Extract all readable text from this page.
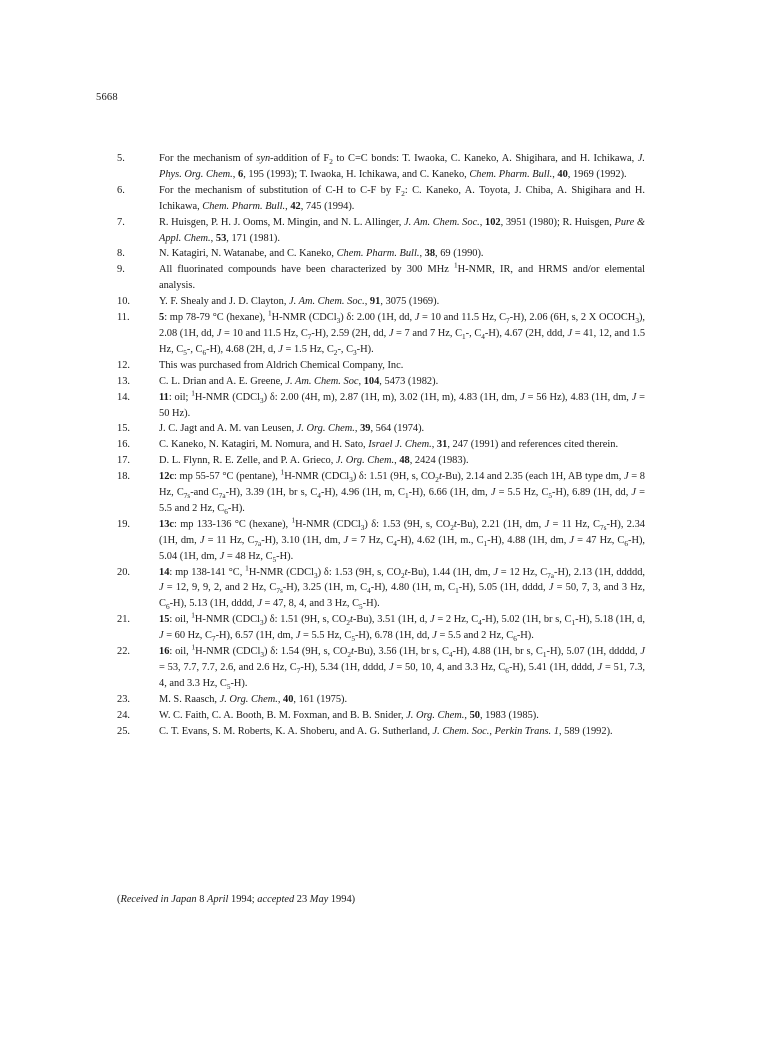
5668
5.	For the mechanism of syn-addition of $F_2$ to C=C bonds: T. Iwaoka, C. Kaneko, A. Shigihara, and H. Ichikawa, J. Phys. Org. Chem., 6, 195 (1993); T. Iwaoka, H. Ichikawa, and C. Kaneko, Chem. Pharm. Bull., 40, 1969 (1992).
6.	For the mechanism of substitution of C-H to C-F by $F_2$: C. Kaneko, A. Toyota, J. Chiba, A. Shigihara and H. Ichikawa, Chem. Pharm. Bull., 42, 745 (1994).
7.	R. Huisgen, P. H. J. Ooms, M. Mingin, and N. L. Allinger, J. Am. Chem. Soc., 102, 3951 (1980); R. Huisgen, Pure & Appl. Chem., 53, 171 (1981).
8.	N. Katagiri, N. Watanabe, and C. Kaneko, Chem. Pharm. Bull., 38, 69 (1990).
9.	All fluorinated compounds have been characterized by 300 MHz $^1$H-NMR, IR, and HRMS and/or elemental analysis.
10.	Y. F. Shealy and J. D. Clayton, J. Am. Chem. Soc., 91, 3075 (1969).
11.	5: mp 78-79 °C (hexane), $^1$H-NMR (CDCl$_3$) δ: 2.00 (1H, dd, J = 10 and 11.5 Hz, $C_7-H$), 2.06 (6H, s, 2 X $OCOCH_3$), 2.08 (1H, dd, J = 10 and 11.5 Hz, $C_7-H$), 2.59 (2H, dd, J = 7 and 7 Hz, $C_1-$, $C_4-H$), 4.67 (2H, ddd, J = 41, 12, and 1.5 Hz, $C_5-$, $C_6-H$), 4.68 (2H, d, J = 1.5 Hz, $C_2-$, $C_3-H$).
12.	This was purchased from Aldrich Chemical Company, Inc.
13.	C. L. Drian and A. E. Greene, J. Am. Chem. Soc, 104, 5473 (1982).
14.	11: oil; $^1$H-NMR (CDCl$_3$) δ: 2.00 (4H, m), 2.87 (1H, m), 3.02 (1H, m), 4.83 (1H, dm, J = 56 Hz), 4.83 (1H, dm, J = 50 Hz).
15.	J. C. Jagt and A. M. van Leusen, J. Org. Chem., 39, 564 (1974).
16.	C. Kaneko, N. Katagiri, M. Nomura, and H. Sato, Israel J. Chem., 31, 247 (1991) and references cited therein.
17.	D. L. Flynn, R. E. Zelle, and P. A. Grieco, J. Org. Chem., 48, 2424 (1983).
18.	12c: mp 55-57 °C (pentane), $^1$H-NMR (CDCl$_3$) δ: 1.51 (9H, s, $CO_2t-Bu$), 2.14 and 2.35 (each 1H, AB type dm, J = 8 Hz, $C_{7s}$-and $C_{7a}-H$), 3.39 (1H, br s, $C_4-H$), 4.96 (1H, m, $C_1-H$), 6.66 (1H, dm, J = 5.5 Hz, $C_5-H$), 6.89 (1H, dd, J = 5.5 and 2 Hz, $C_6-H$).
19.	13c: mp 133-136 °C (hexane), $^1$H-NMR (CDCl$_3$) δ: 1.53 (9H, s, $CO_2t-Bu$), 2.21 (1H, dm, J = 11 Hz, $C_{7s}-H$), 2.34 (1H, dm, J = 11 Hz, $C_{7a}-H$), 3.10 (1H, dm, J = 7 Hz, $C_4-H$), 4.62 (1H, m., $C_1-H$), 4.88 (1H, dm, J = 47 Hz, $C_6-H$), 5.04 (1H, dm, J = 48 Hz, $C_5-H$).
20.	14: mp 138-141 °C, $^1$H-NMR (CDCl$_3$) δ: 1.53 (9H, s, $CO_2t-Bu$), 1.44 (1H, dm, J = 12 Hz, $C_{7a}-H$), 2.13 (1H, ddddd, J = 12, 9, 9, 2, and 2 Hz, $C_{7s}-H$), 3.25 (1H, m, $C_4-H$), 4.80 (1H, m, $C_1-H$), 5.05 (1H, dddd, J = 50, 7, 3, and 3 Hz, $C_6-H$), 5.13 (1H, dddd, J = 47, 8, 4, and 3 Hz, $C_5-H$).
21.	15: oil, $^1$H-NMR (CDCl$_3$) δ: 1.51 (9H, s, $CO_2t-Bu$), 3.51 (1H, d, J = 2 Hz, $C_4-H$), 5.02 (1H, br s, $C_1-H$), 5.18 (1H, d, J = 60 Hz, $C_7-H$), 6.57 (1H, dm, J = 5.5 Hz, $C_5-H$), 6.78 (1H, dd, J = 5.5 and 2 Hz, $C_6-H$).
22.	16: oil, $^1$H-NMR (CDCl$_3$) δ: 1.54 (9H, s, $CO_2t-Bu$), 3.56 (1H, br s, $C_4-H$), 4.88 (1H, br s, $C_1-H$), 5.07 (1H, ddddd, J = 53, 7.7, 7.7, 2.6, and 2.6 Hz, $C_7-H$), 5.34 (1H, dddd, J = 50, 10, 4, and 3.3 Hz, $C_6-H$), 5.41 (1H, dddd, J = 51, 7.3, 4, and 3.3 Hz, $C_5-H$).
23.	M. S. Raasch, J. Org. Chem., 40, 161 (1975).
24.	W. C. Faith, C. A. Booth, B. M. Foxman, and B. B. Snider, J. Org. Chem., 50, 1983 (1985).
25.	C. T. Evans, S. M. Roberts, K. A. Shoberu, and A. G. Sutherland, J. Chem. Soc., Perkin Trans. 1, 589 (1992).
(Received in Japan 8 April 1994; accepted 23 May 1994)
